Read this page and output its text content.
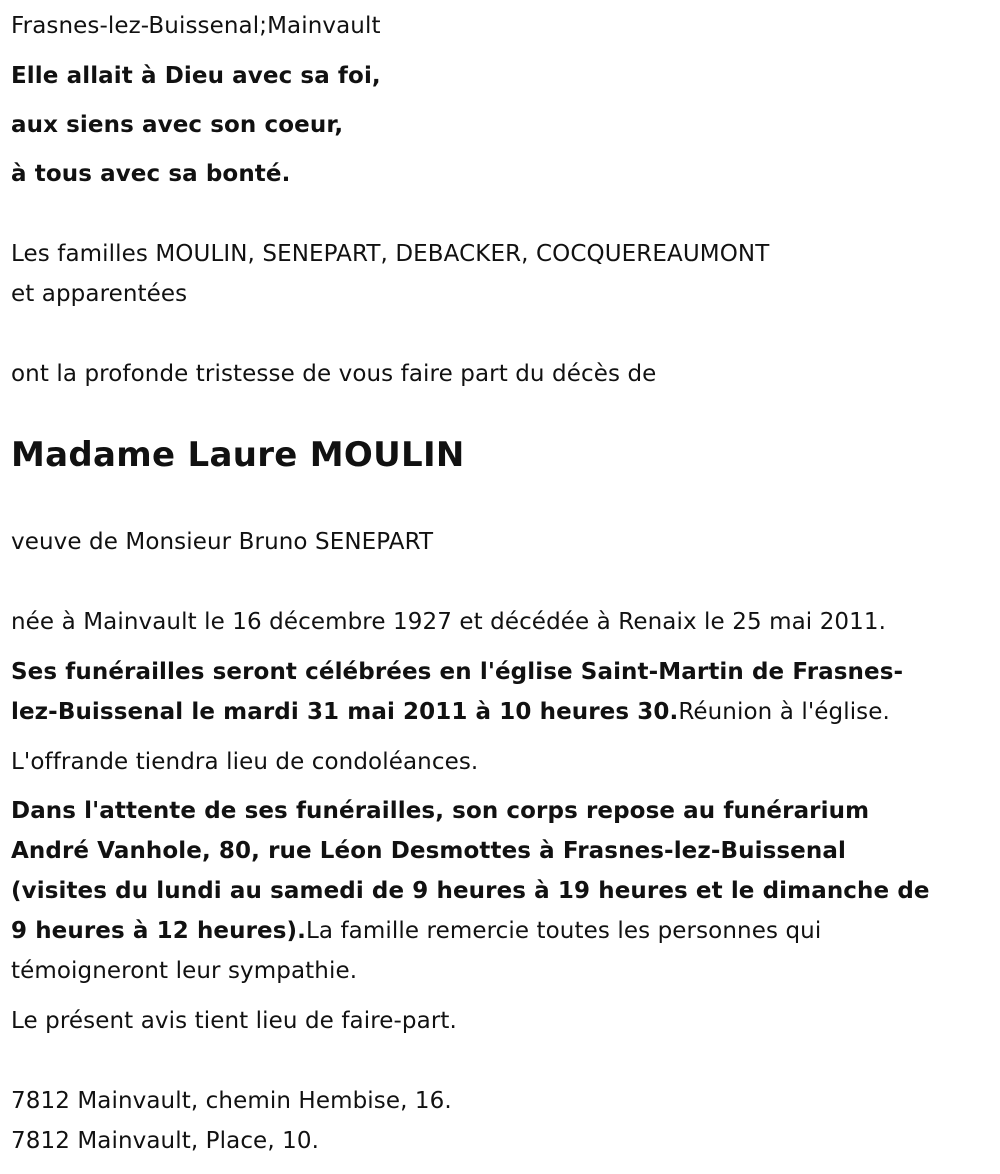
Frasnes-lez-Buissenal;Mainvault

Elle allait à Dieu avec sa foi,

aux siens avec son coeur,

à tous avec sa bonté.

Les familles MOULIN, SENEPART, DEBACKER, COCQUEREAUMONT

et apparentées

ont la profonde tristesse de vous faire part du décès de

Madame Laure MOULIN

veuve de Monsieur Bruno SENEPART

née à Mainvault le 16 décembre 1927 et décédée à Renaix le 25 mai 2011.

Ses funérailles seront célébrées en l'église Saint-Martin de Frasnes-

lez-Buissenal le mardi 31 mai 2011 à 10 heures 30.Réunion à l'église.

L'offrande tiendra lieu de condoléances.

Dans l'attente de ses funérailles, son corps repose au funérarium

André Vanhole, 80, rue Léon Desmottes à Frasnes-lez-Buissenal

(visites du lundi au samedi de 9 heures à 19 heures et le dimanche de

9 heures à 12 heures).La famille remercie toutes les personnes qui

témoigneront leur sympathie.

Le présent avis tient lieu de faire-part.

7812 Mainvault, chemin Hembise, 16.

7812 Mainvault, Place, 10.
